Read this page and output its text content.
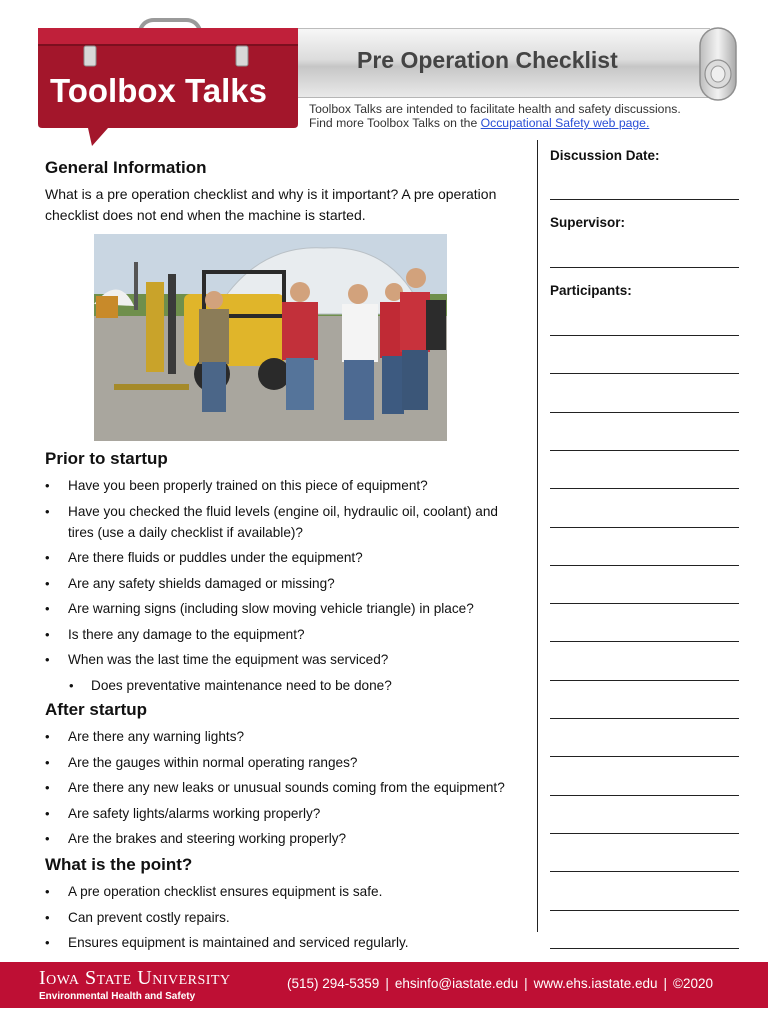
Pre Operation Checklist
Toolbox Talks	Toolbox Talks are intended to facilitate health and safety discussions.
Find more Toolbox Talks on the Occupational Safety web page.
General Information

What is a pre operation checklist and why is it important? A pre operation checklist does not end when the machine is started.

Prior to startup
• Have you been properly trained on this piece of equipment?
• Have you checked the fluid levels (engine oil, hydraulic oil, coolant) and tires (use a daily checklist if available)?
• Are there fluids or puddles under the equipment?
• Are any safety shields damaged or missing?
• Are warning signs (including slow moving vehicle triangle) in place?
• Is there any damage to the equipment?
• When was the last time the equipment was serviced?
• Does preventative maintenance need to be done?
After startup
• Are there any warning lights?
• Are the gauges within normal operating ranges?
• Are there any new leaks or unusual sounds coming from the equipment?
• Are safety lights/alarms working properly?
• Are the brakes and steering working properly?
What is the point?
• A pre operation checklist ensures equipment is safe.
• Can prevent costly repairs.
• Ensures equipment is maintained and serviced regularly.
Discussion Date:
Supervisor:
Participants:
Iowa State University
Environmental Health and Safety
(515) 294-5359 | ehsinfo@iastate.edu | www.ehs.iastate.edu | ©2020
